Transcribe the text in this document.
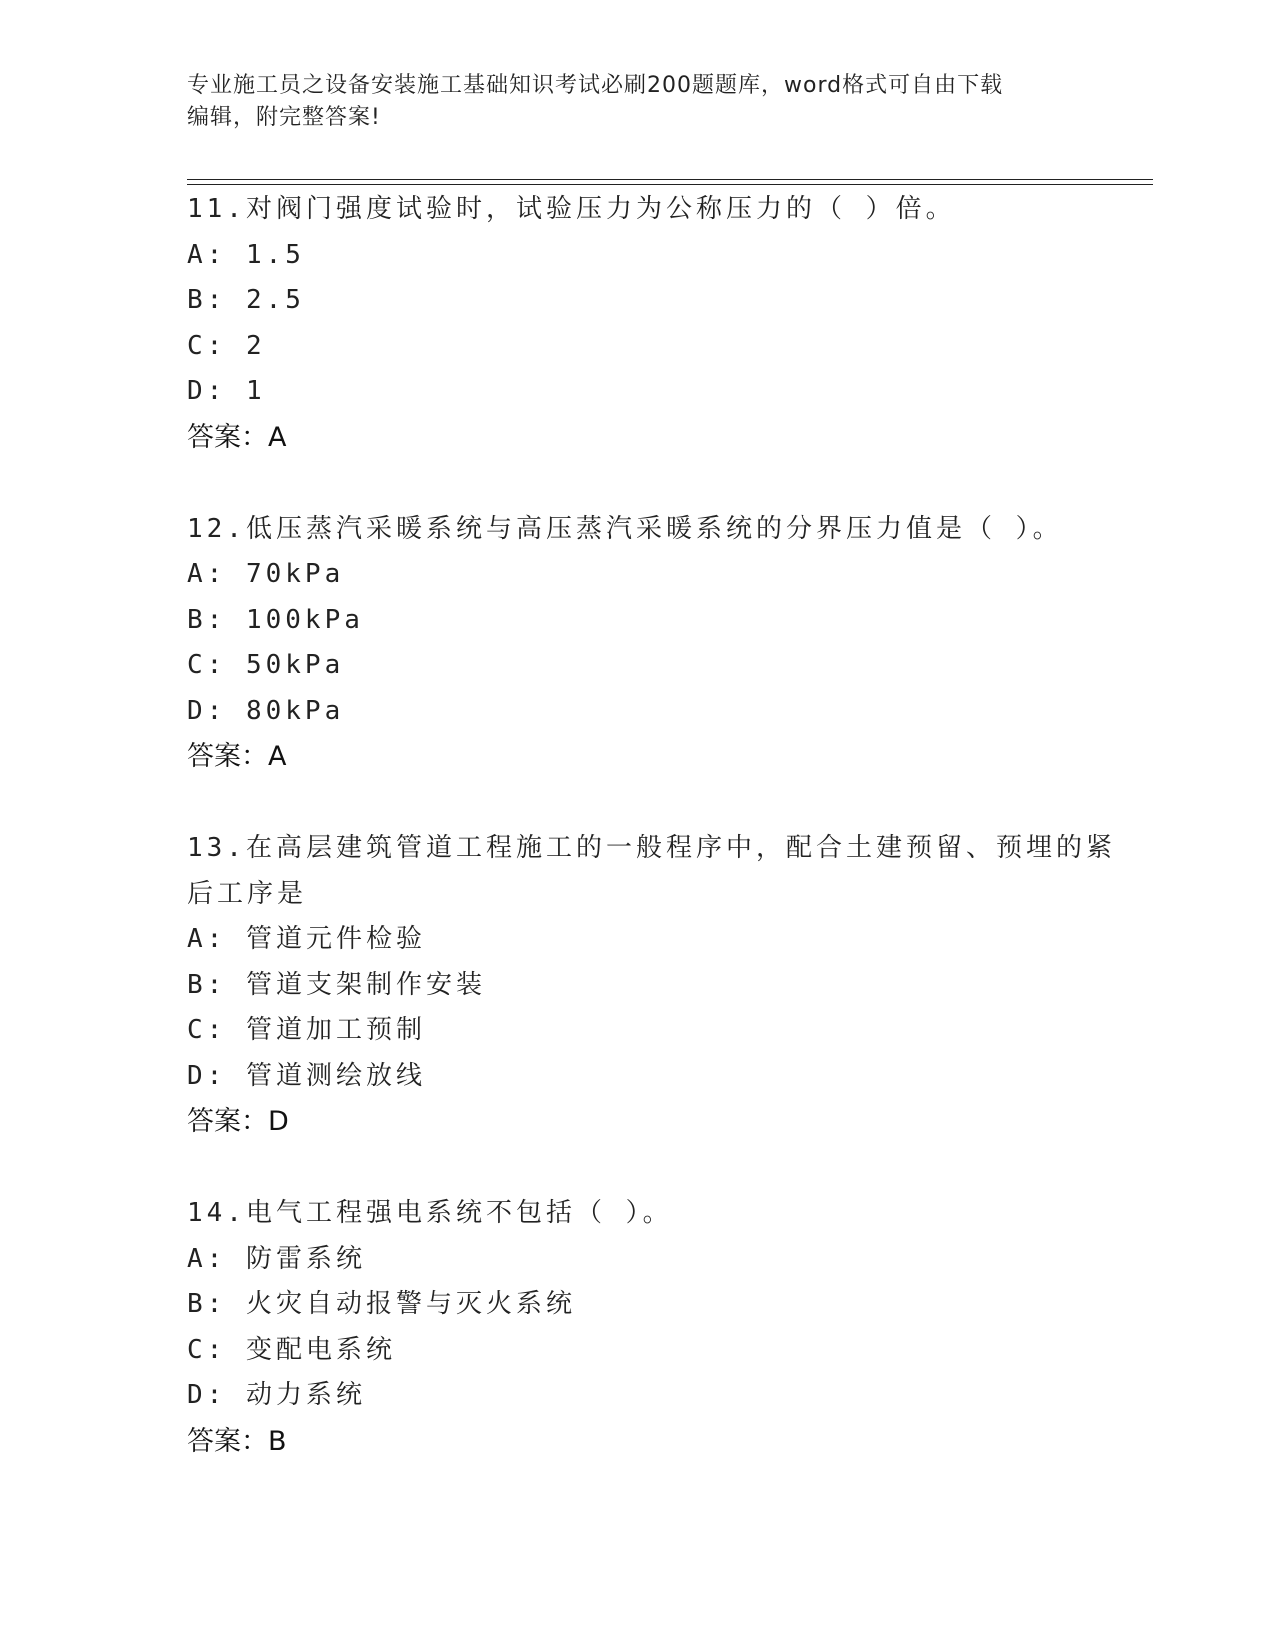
专业施工员之设备安装施工基础知识考试必刷200题题库，word格式可自由下载
编辑，附完整答案!
11.对阀门强度试验时，试验压力为公称压力的（ ）倍。
A: 1.5
B: 2.5
C: 2
D: 1
答案：A
12.低压蒸汽采暖系统与高压蒸汽采暖系统的分界压力值是（ ）。
A: 70kPa
B: 100kPa
C: 50kPa
D: 80kPa
答案：A
13.在高层建筑管道工程施工的一般程序中，配合土建预留、预埋的紧
后工序是
A: 管道元件检验
B: 管道支架制作安装
C: 管道加工预制
D: 管道测绘放线
答案：D
14.电气工程强电系统不包括（ ）。
A: 防雷系统
B: 火灾自动报警与灭火系统
C: 变配电系统
D: 动力系统
答案：B
